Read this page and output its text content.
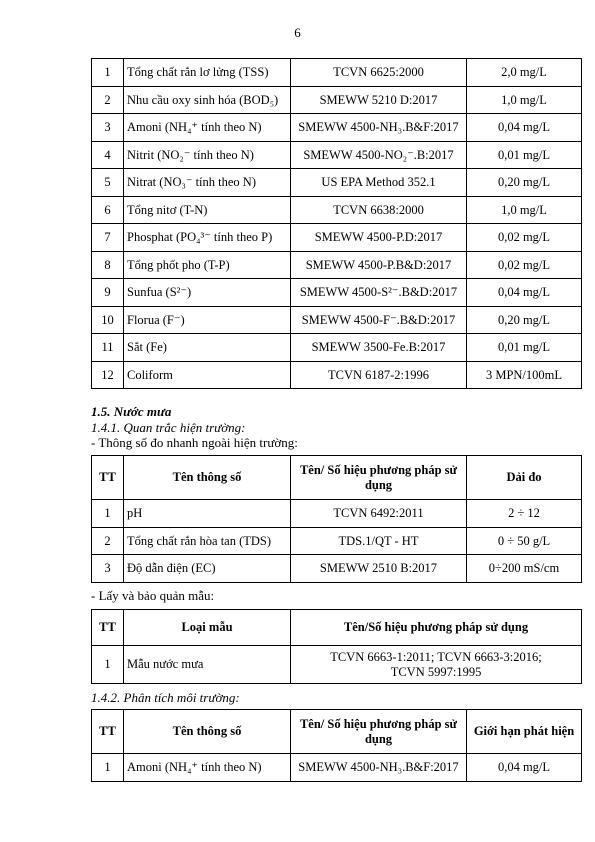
6
1	Tổng chất rắn lơ lửng (TSS)	TCVN 6625:2000	2,0 mg/L
2	Nhu cầu oxy sinh hóa (BOD₅)	SMEWW 5210 D:2017	1,0 mg/L
3	Amoni (NH₄⁺ tính theo N)	SMEWW 4500-NH₃.B&F:2017	0,04 mg/L
4	Nitrit (NO₂⁻ tính theo N)	SMEWW 4500-NO₂⁻.B:2017	0,01 mg/L
5	Nitrat (NO₃⁻ tính theo N)	US EPA Method 352.1	0,20 mg/L
6	Tổng nitơ (T-N)	TCVN 6638:2000	1,0 mg/L
7	Phosphat (PO₄³⁻ tính theo P)	SMEWW 4500-P.D:2017	0,02 mg/L
8	Tổng phốt pho (T-P)	SMEWW 4500-P.B&D:2017	0,02 mg/L
9	Sunfua (S²⁻)	SMEWW 4500-S²⁻.B&D:2017	0,04 mg/L
10	Florua (F⁻)	SMEWW 4500-F⁻.B&D:2017	0,20 mg/L
11	Sắt (Fe)	SMEWW 3500-Fe.B:2017	0,01 mg/L
12	Coliform	TCVN 6187-2:1996	3 MPN/100mL
1.5. Nước mưa
1.4.1. Quan trắc hiện trường:
- Thông số đo nhanh ngoài hiện trường:
TT	Tên thông số	Tên/ Số hiệu phương pháp sử dụng	Dải đo
1	pH	TCVN 6492:2011	2 ÷ 12
2	Tổng chất rắn hòa tan (TDS)	TDS.1/QT - HT	0 ÷ 50 g/L
3	Độ dẫn điện (EC)	SMEWW 2510 B:2017	0÷200 mS/cm
- Lấy và bảo quản mẫu:
TT	Loại mẫu	Tên/Số hiệu phương pháp sử dụng
1	Mẫu nước mưa	TCVN 6663-1:2011; TCVN 6663-3:2016; TCVN 5997:1995
1.4.2. Phân tích môi trường:
TT	Tên thông số	Tên/ Số hiệu phương pháp sử dụng	Giới hạn phát hiện
1	Amoni (NH₄⁺ tính theo N)	SMEWW 4500-NH₃.B&F:2017	0,04 mg/L
